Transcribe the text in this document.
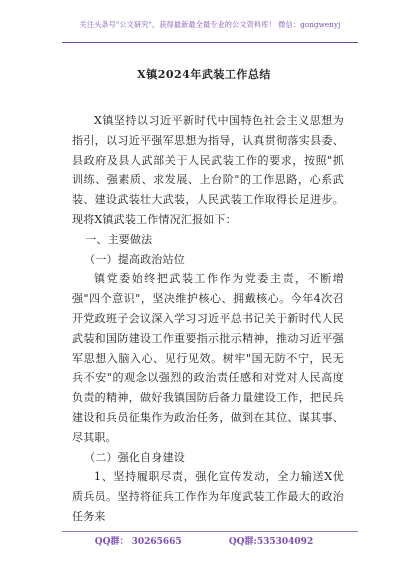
关注头条号"公文研究"，获得最新最全最专业的公文资料库！ 微信：gongwenyj
X镇2024年武装工作总结

X镇坚持以习近平新时代中国特色社会主义思想为指引，以习近平强军思想为指导，认真贯彻落实县委、县政府及县人武部关于人民武装工作的要求，按照"抓训练、强素质、求发展、上台阶"的工作思路，心系武装、建设武装壮大武装，人民武装工作取得长足进步。现将X镇武装工作情况汇报如下：

一、主要做法

（一）提高政治站位

镇党委始终把武装工作作为党委主责，不断增强"四个意识"，坚决维护核心、拥戴核心。今年4次召开党政班子会议深入学习习近平总书记关于新时代人民武装和国防建设工作重要指示批示精神，推动习近平强军思想入脑入心、见行见效。树牢"国无防不宁，民无兵不安"的观念以强烈的政治责任感和对党对人民高度负责的精神，做好我镇国防后备力量建设工作，把民兵建设和兵员征集作为政治任务，做到在其位、谋其事、尽其职。

（二）强化自身建设

1、坚持履职尽责，强化宣传发动，全力输送X优质兵员。坚持将征兵工作作为年度武装工作最大的政治任务来

QQ群： 30265665	QQ群:535304092
